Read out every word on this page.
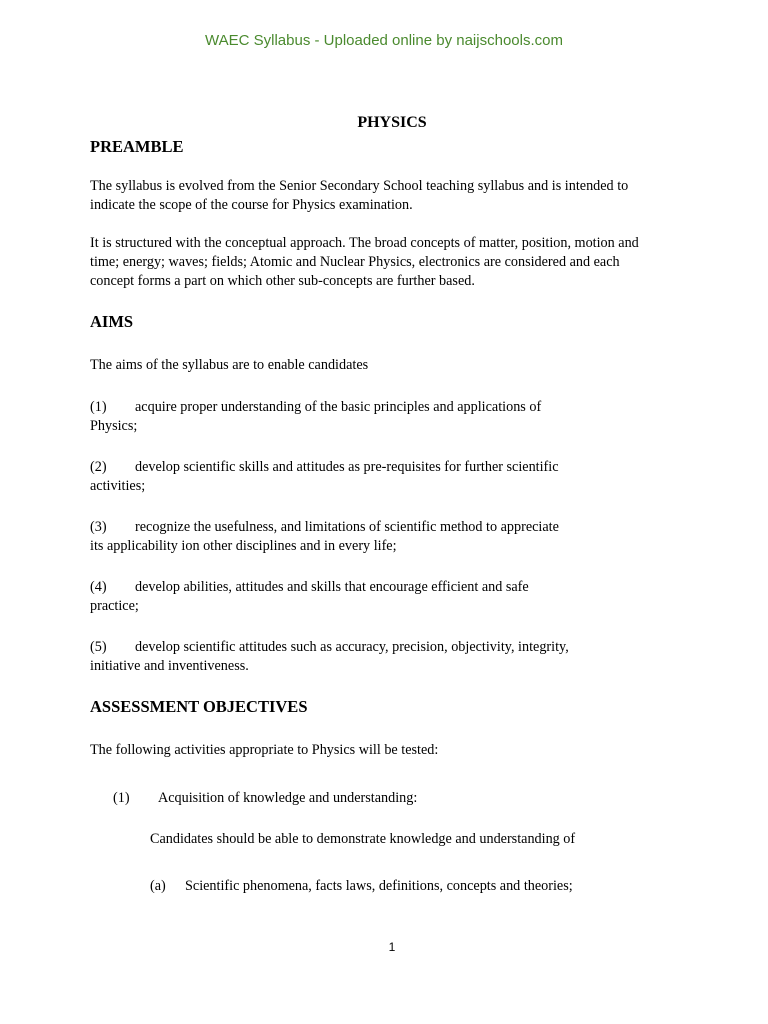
WAEC Syllabus - Uploaded online by naijschools.com
PHYSICS
PREAMBLE
The syllabus is evolved from the Senior Secondary School teaching syllabus and is intended to
indicate the scope of the course for Physics examination.
It is structured with the conceptual approach. The broad concepts of matter, position, motion and
time; energy; waves; fields; Atomic and Nuclear Physics, electronics are considered and each
concept forms a part on which other sub-concepts are further based.
AIMS
The aims of the syllabus are to enable candidates
(1) acquire proper understanding of the basic principles and applications of
Physics;
(2) develop scientific skills and attitudes as pre-requisites for further scientific
activities;
(3) recognize the usefulness, and limitations of scientific method to appreciate
its applicability ion other disciplines and in every life;
(4) develop abilities, attitudes and skills that encourage efficient and safe
practice;
(5) develop scientific attitudes such as accuracy, precision, objectivity, integrity,
initiative and inventiveness.
ASSESSMENT OBJECTIVES
The following activities appropriate to Physics will be tested:
(1) Acquisition of knowledge and understanding:
Candidates should be able to demonstrate knowledge and understanding of
(a) Scientific phenomena, facts laws, definitions, concepts and theories;
1
